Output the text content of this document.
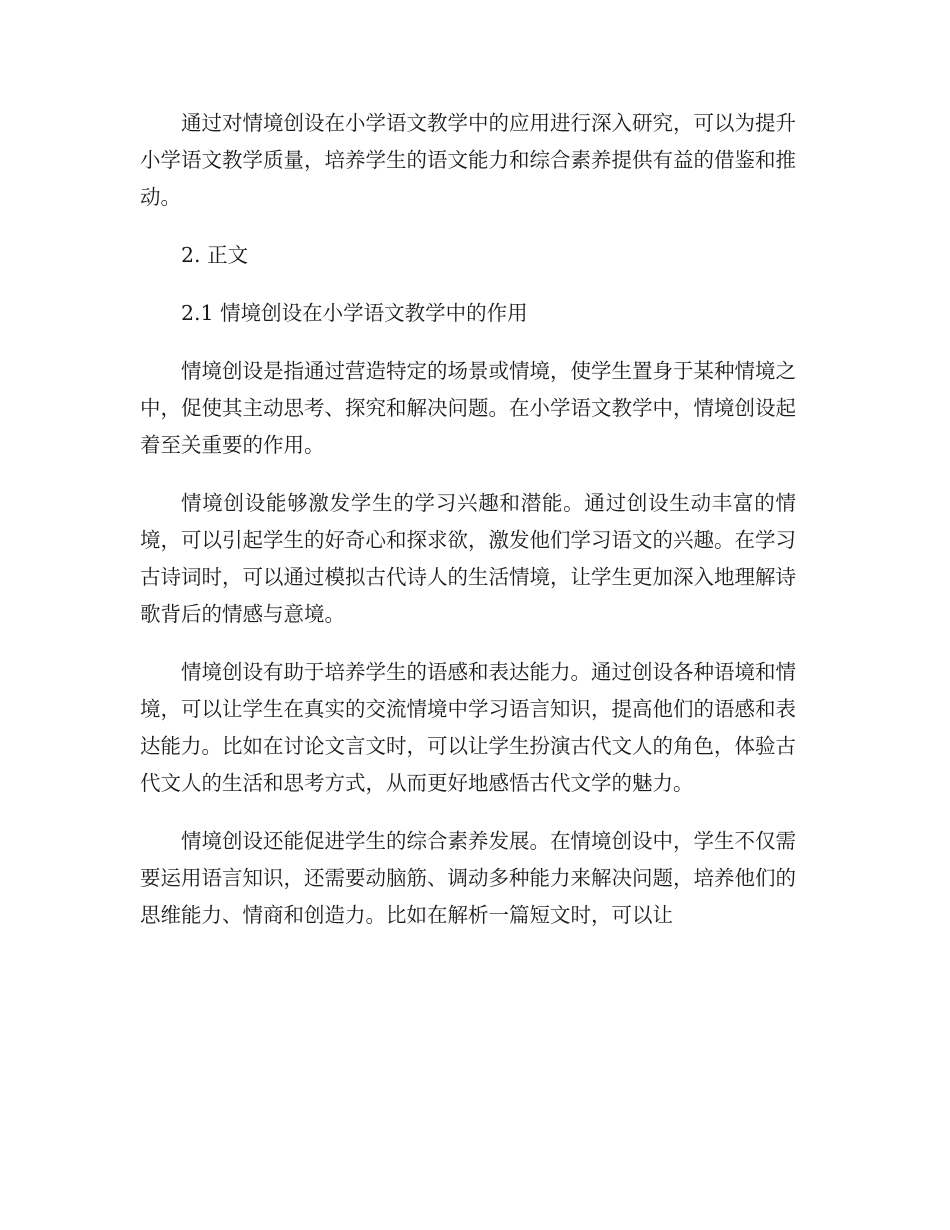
通过对情境创设在小学语文教学中的应用进行深入研究，可以为提升小学语文教学质量，培养学生的语文能力和综合素养提供有益的借鉴和推动。

2. 正文

2.1 情境创设在小学语文教学中的作用

情境创设是指通过营造特定的场景或情境，使学生置身于某种情境之中，促使其主动思考、探究和解决问题。在小学语文教学中，情境创设起着至关重要的作用。

情境创设能够激发学生的学习兴趣和潜能。通过创设生动丰富的情境，可以引起学生的好奇心和探求欲，激发他们学习语文的兴趣。在学习古诗词时，可以通过模拟古代诗人的生活情境，让学生更加深入地理解诗歌背后的情感与意境。

情境创设有助于培养学生的语感和表达能力。通过创设各种语境和情境，可以让学生在真实的交流情境中学习语言知识，提高他们的语感和表达能力。比如在讨论文言文时，可以让学生扮演古代文人的角色，体验古代文人的生活和思考方式，从而更好地感悟古代文学的魅力。

情境创设还能促进学生的综合素养发展。在情境创设中，学生不仅需要运用语言知识，还需要动脑筋、调动多种能力来解决问题，培养他们的思维能力、情商和创造力。比如在解析一篇短文时，可以让
